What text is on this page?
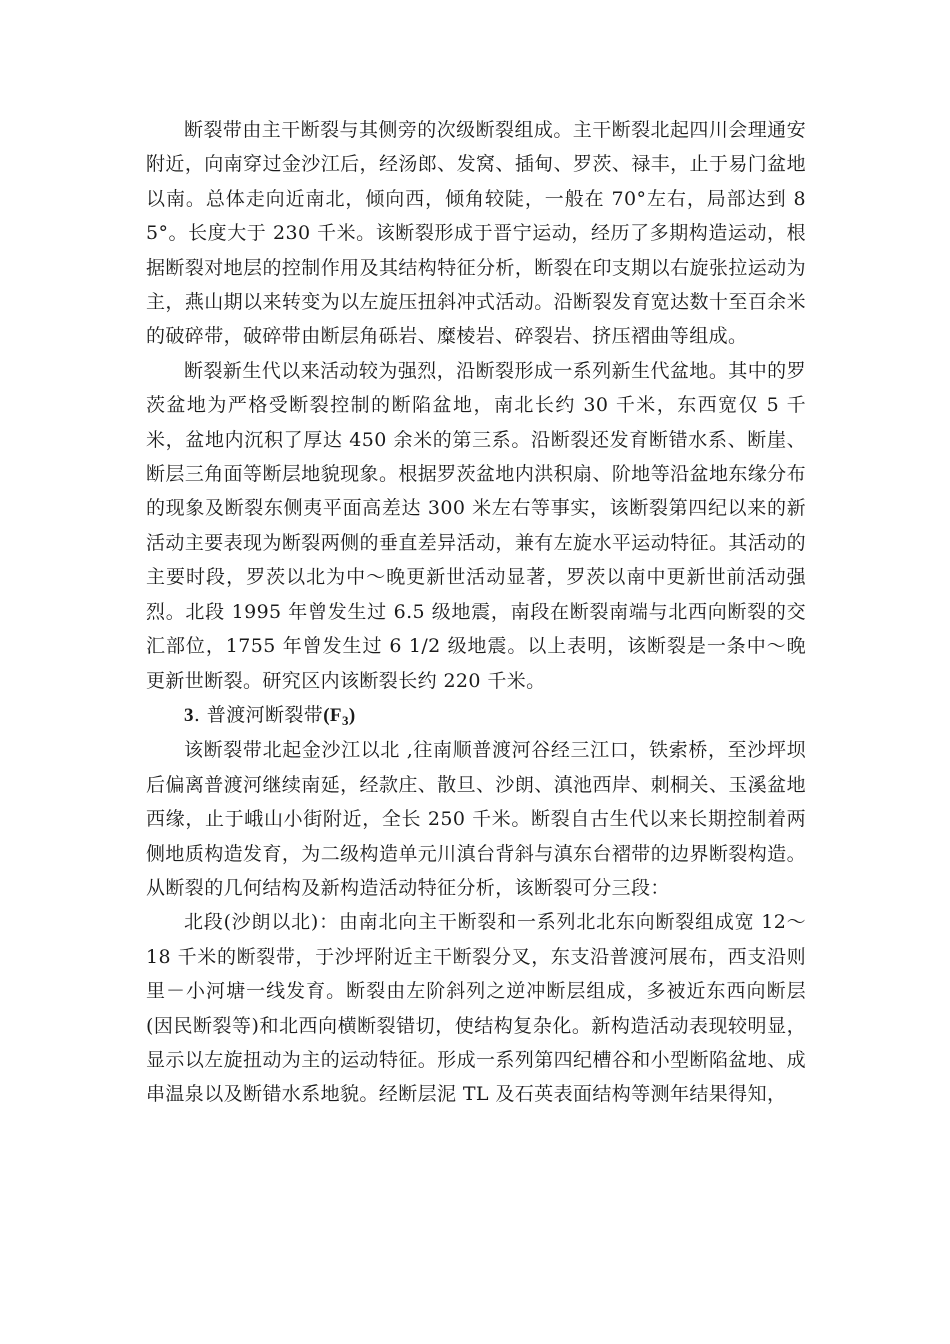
断裂带由主干断裂与其侧旁的次级断裂组成。主干断裂北起四川会理通安附近，向南穿过金沙江后，经汤郎、发窝、插甸、罗茨、禄丰，止于易门盆地以南。总体走向近南北，倾向西，倾角较陡，一般在 70°左右，局部达到 85°。长度大于 230 千米。该断裂形成于晋宁运动，经历了多期构造运动，根据断裂对地层的控制作用及其结构特征分析，断裂在印支期以右旋张拉运动为主，燕山期以来转变为以左旋压扭斜冲式活动。沿断裂发育宽达数十至百余米的破碎带，破碎带由断层角砾岩、糜棱岩、碎裂岩、挤压褶曲等组成。

断裂新生代以来活动较为强烈，沿断裂形成一系列新生代盆地。其中的罗茨盆地为严格受断裂控制的断陷盆地，南北长约 30 千米，东西宽仅 5 千米，盆地内沉积了厚达 450 余米的第三系。沿断裂还发育断错水系、断崖、断层三角面等断层地貌现象。根据罗茨盆地内洪积扇、阶地等沿盆地东缘分布的现象及断裂东侧夷平面高差达 300 米左右等事实，该断裂第四纪以来的新活动主要表现为断裂两侧的垂直差异活动，兼有左旋水平运动特征。其活动的主要时段，罗茨以北为中～晚更新世活动显著，罗茨以南中更新世前活动强烈。北段 1995 年曾发生过 6.5 级地震，南段在断裂南端与北西向断裂的交汇部位，1755 年曾发生过 6 1/2 级地震。以上表明，该断裂是一条中～晚更新世断裂。研究区内该断裂长约 220 千米。

3. 普渡河断裂带$(F_3)$

该断裂带北起金沙江以北 ,往南顺普渡河谷经三江口，铁索桥，至沙坪坝后偏离普渡河继续南延，经款庄、散旦、沙朗、滇池西岸、刺桐关、玉溪盆地西缘，止于峨山小街附近，全长 250 千米。断裂自古生代以来长期控制着两侧地质构造发育，为二级构造单元川滇台背斜与滇东台褶带的边界断裂构造。从断裂的几何结构及新构造活动特征分析，该断裂可分三段：

北段(沙朗以北)：由南北向主干断裂和一系列北北东向断裂组成宽 12～18 千米的断裂带，于沙坪附近主干断裂分叉，东支沿普渡河展布，西支沿则里－小河塘一线发育。断裂由左阶斜列之逆冲断层组成，多被近东西向断层(因民断裂等)和北西向横断裂错切，使结构复杂化。新构造活动表现较明显，显示以左旋扭动为主的运动特征。形成一系列第四纪槽谷和小型断陷盆地、成串温泉以及断错水系地貌。经断层泥 TL 及石英表面结构等测年结果得知，
